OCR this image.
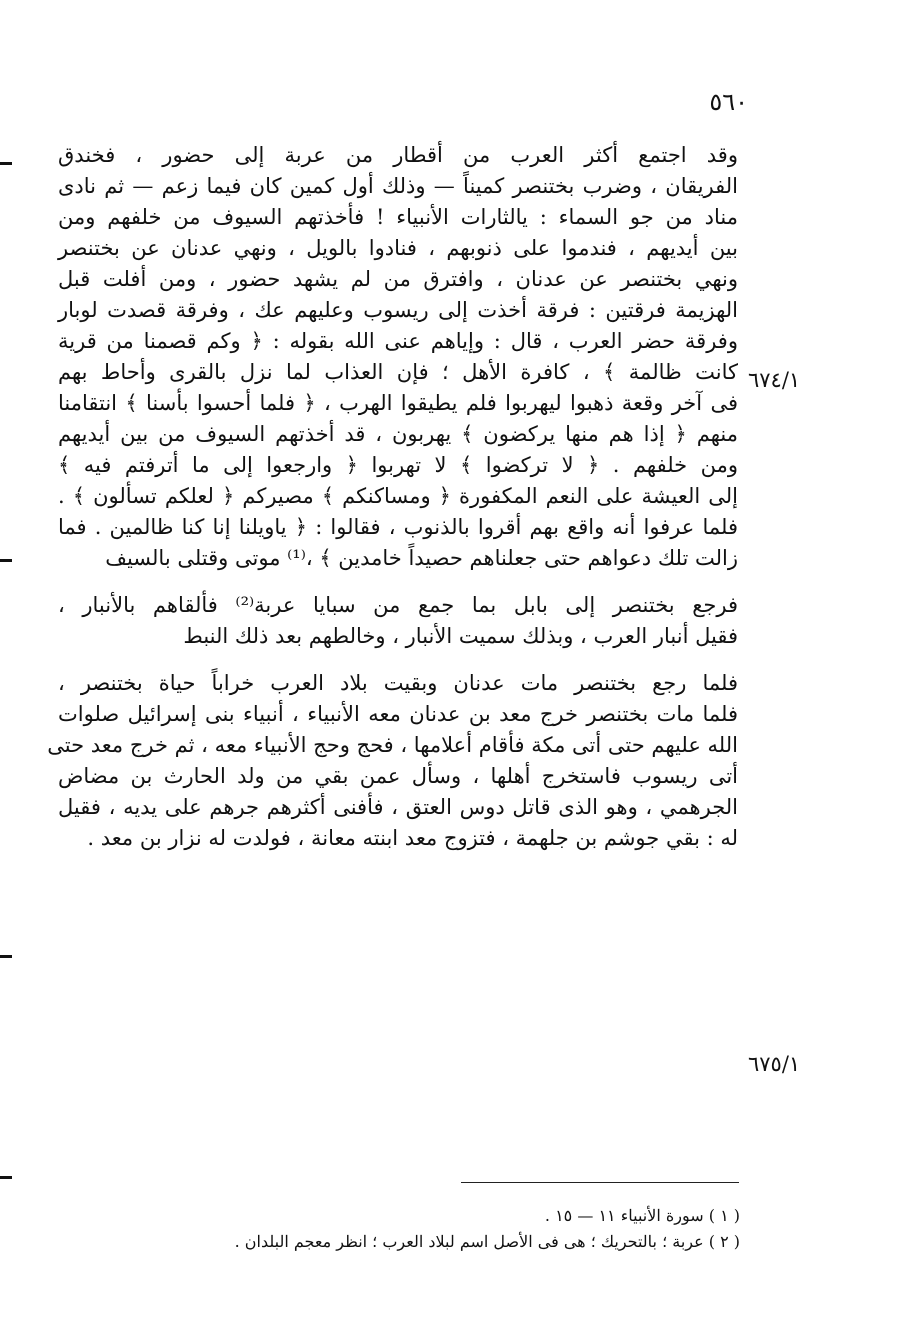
٥٦٠
٦٧٤/١
٦٧٥/١
وقد اجتمع أكثر العرب من أقطار من عربة إلى حضور ، فخندق
الفريقان ، وضرب بختنصر كميناً — وذلك أول كمين كان فيما زعم — ثم نادى
مناد من جو السماء : يالثارات الأنبياء ! فأخذتهم السيوف من خلفهم ومن
بين أيديهم ، فندموا على ذنوبهم ، فنادوا بالويل ، ونهي عدنان عن بختنصر
ونهي بختنصر عن عدنان ، وافترق من لم يشهد حضور ، ومن أفلت قبل
الهزيمة فرقتين : فرقة أخذت إلى ريسوب وعليهم عك ، وفرقة قصدت لوبار
وفرقة حضر العرب ، قال : وإياهم عنى الله بقوله : ﴿ وكم قصمنا من قرية
كانت ظالمة ﴾ ، كافرة الأهل ؛ فإن العذاب لما نزل بالقرى وأحاط بهم
فى آخر وقعة ذهبوا ليهربوا فلم يطيقوا الهرب ، ﴿ فلما أحسوا بأسنا ﴾ انتقامنا
منهم ﴿ إذا هم منها يركضون ﴾ يهربون ، قد أخذتهم السيوف من بين أيديهم
ومن خلفهم . ﴿ لا تركضوا ﴾ لا تهربوا ﴿ وارجعوا إلى ما أترفتم فيه ﴾
إلى العيشة على النعم المكفورة ﴿ ومساكنكم ﴾ مصيركم ﴿ لعلكم تسألون ﴾ .
فلما عرفوا أنه واقع بهم أقروا بالذنوب ، فقالوا : ﴿ ياويلنا إنا كنا ظالمين . فما
زالت تلك دعواهم حتى جعلناهم حصيداً خامدين ﴾ ،⁽¹⁾ موتى وقتلى بالسيف
فرجع بختنصر إلى بابل بما جمع من سبايا عربة⁽²⁾ فألقاهم بالأنبار ،
فقيل أنبار العرب ، وبذلك سميت الأنبار ، وخالطهم بعد ذلك النبط
فلما رجع بختنصر مات عدنان وبقيت بلاد العرب خراباً حياة بختنصر ،
فلما مات بختنصر خرج معد بن عدنان معه الأنبياء ، أنبياء بنى إسرائيل صلوات
الله عليهم حتى أتى مكة فأقام أعلامها ، فحج وحج الأنبياء معه ، ثم خرج معد حتى
أتى ريسوب فاستخرج أهلها ، وسأل عمن بقي من ولد الحارث بن مضاض
الجرهمي ، وهو الذى قاتل دوس العتق ، فأفنى أكثرهم جرهم على يديه ، فقيل
له : بقي جوشم بن جلهمة ، فتزوج معد ابنته معانة ، فولدت له نزار بن معد .
( ١ ) سورة الأنبياء ١١ — ١٥ .
( ٢ ) عربة ؛ بالتحريك ؛ هى فى الأصل اسم لبلاد العرب ؛ انظر معجم البلدان .
